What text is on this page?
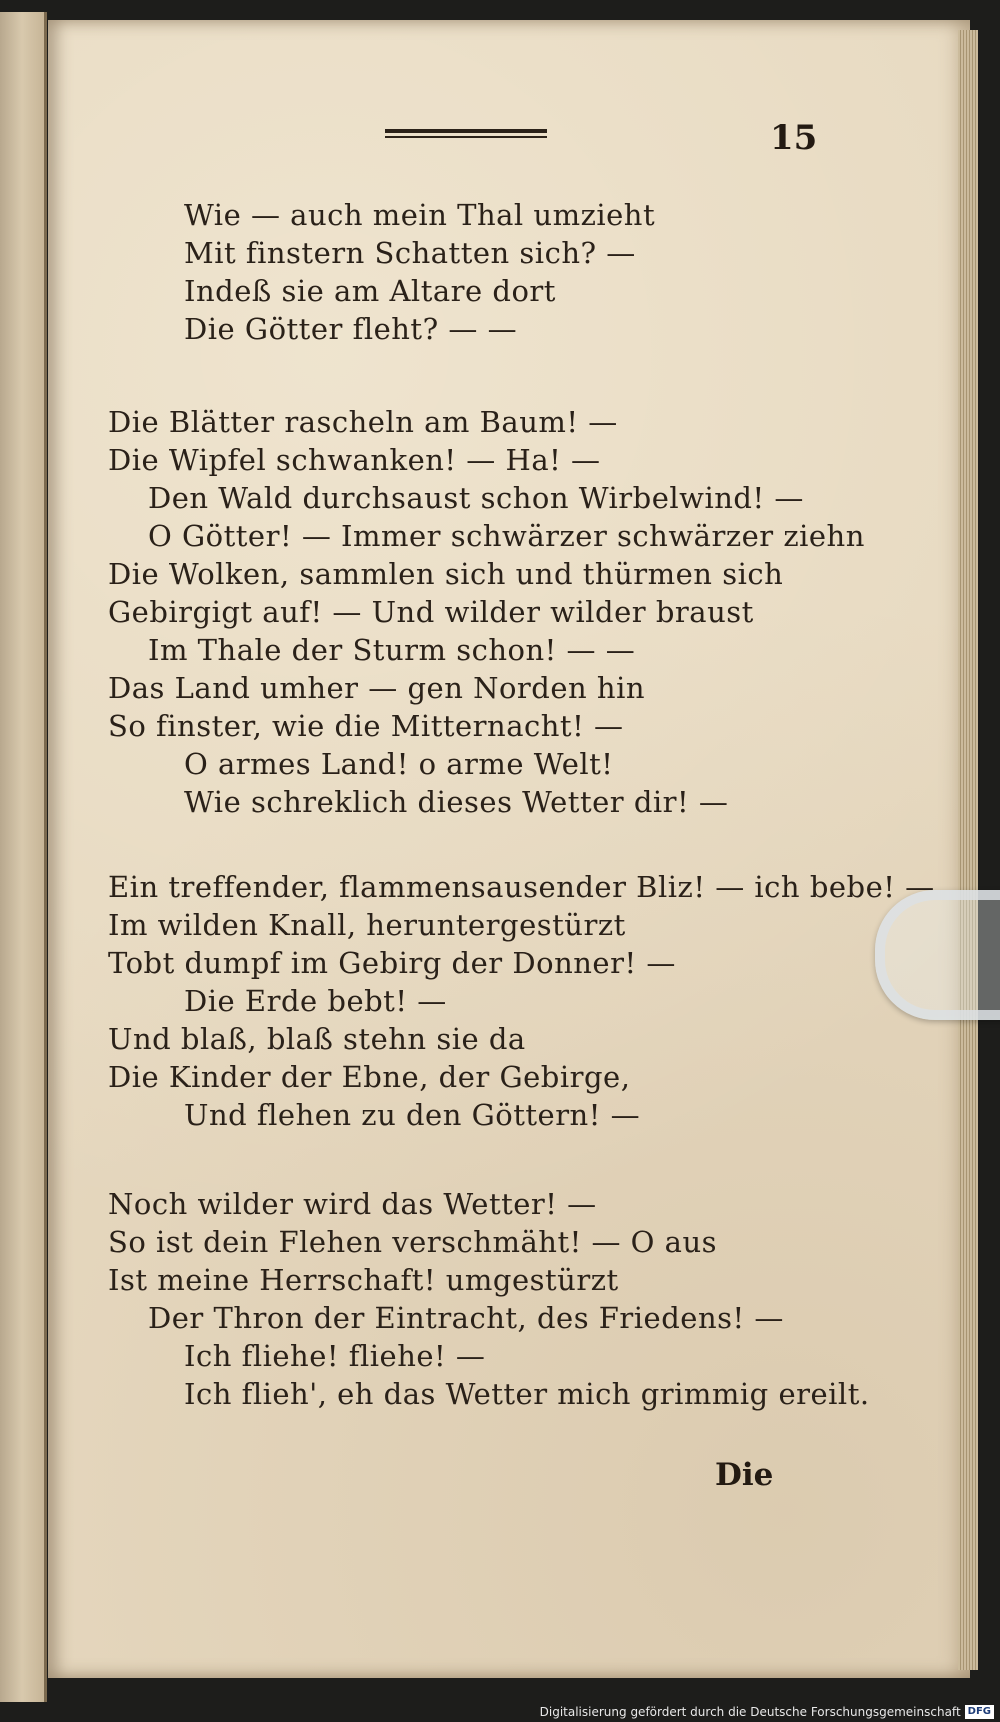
15
Wie — auch mein Thal umzieht
Mit finstern Schatten sich? —
Indeß sie am Altare dort
Die Götter fleht? — —
Die Blätter rascheln am Baum! —
Die Wipfel schwanken! — Ha! —
Den Wald durchsaust schon Wirbelwind! —
O Götter! — Immer schwärzer schwärzer ziehn
Die Wolken, sammlen sich und thürmen sich
Gebirgigt auf! — Und wilder wilder braust
Im Thale der Sturm schon! — —
Das Land umher — gen Norden hin
So finster, wie die Mitternacht! —
O armes Land! o arme Welt!
Wie schreklich dieses Wetter dir! —
Ein treffender, flammensausender Bliz! — ich bebe! —
Im wilden Knall, heruntergestürzt
Tobt dumpf im Gebirg der Donner! —
Die Erde bebt! —
Und blaß, blaß stehn sie da
Die Kinder der Ebne, der Gebirge,
Und flehen zu den Göttern! —
Noch wilder wird das Wetter! —
So ist dein Flehen verschmäht! — O aus
Ist meine Herrschaft! umgestürzt
Der Thron der Eintracht, des Friedens! —
Ich fliehe! fliehe! —
Ich flieh', eh das Wetter mich grimmig ereilt.
Die
Digitalisierung gefördert durch die Deutsche Forschungsgemeinschaft DFG
